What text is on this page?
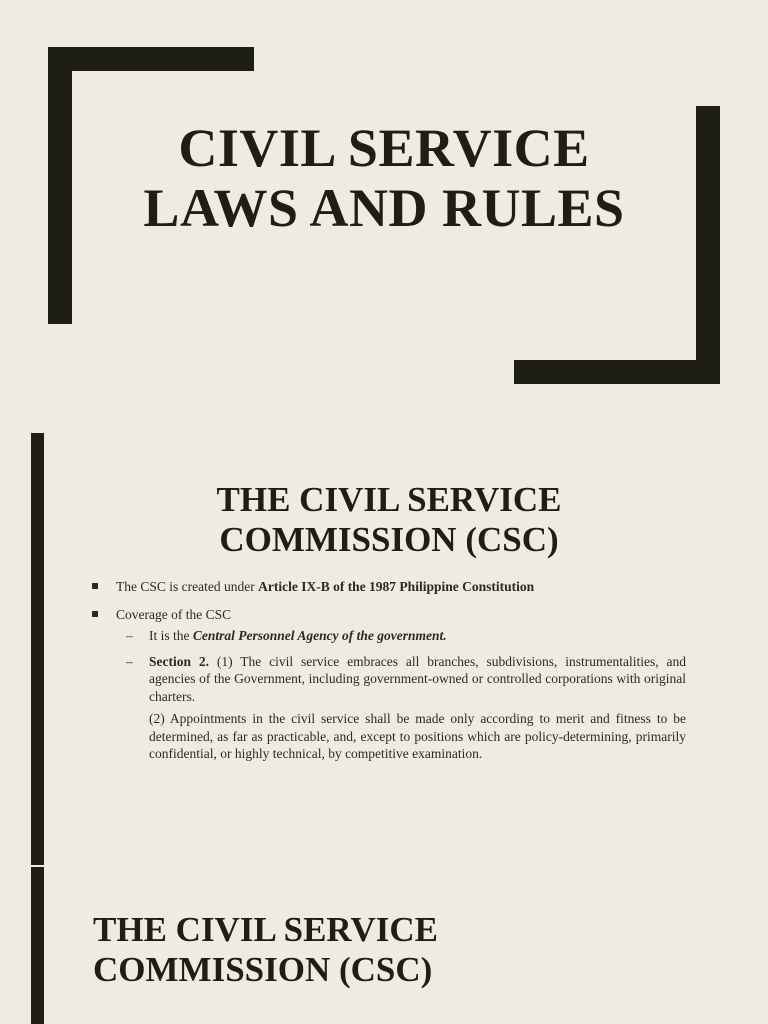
CIVIL SERVICE
LAWS AND RULES
THE CIVIL SERVICE
COMMISSION (CSC)
The CSC is created under Article IX-B of the 1987 Philippine Constitution
Coverage of the CSC
– It is the Central Personnel Agency of the government.
– Section 2. (1) The civil service embraces all branches, subdivisions, instrumentalities, and agencies of the Government, including government-owned or controlled corporations with original charters.
(2) Appointments in the civil service shall be made only according to merit and fitness to be determined, as far as practicable, and, except to positions which are policy-determining, primarily confidential, or highly technical, by competitive examination.
THE CIVIL SERVICE
COMMISSION (CSC)
